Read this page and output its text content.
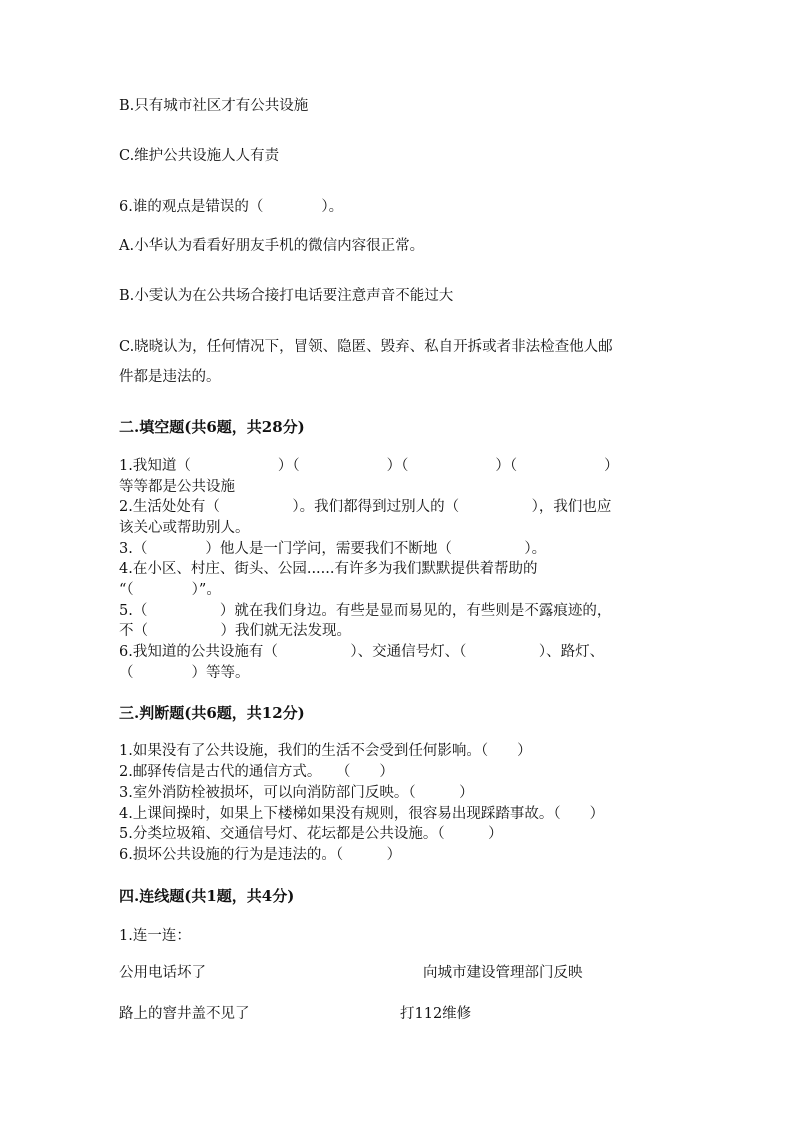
B.只有城市社区才有公共设施
C.维护公共设施人人有责
6.谁的观点是错误的（　　　　）。
A.小华认为看看好朋友手机的微信内容很正常。
B.小雯认为在公共场合接打电话要注意声音不能过大
C.晓晓认为，任何情况下，冒领、隐匿、毁弃、私自开拆或者非法检查他人邮
件都是违法的。
二.填空题(共6题，共28分)
1.我知道（　　　　　　）（　　　　　　）（　　　　　　）（　　　　　　）
等等都是公共设施
2.生活处处有（　　　　　）。我们都得到过别人的（　　　　　），我们也应
该关心或帮助别人。
3.（　　　　）他人是一门学问，需要我们不断地（　　　　　）。
4.在小区、村庄、街头、公园......有许多为我们默默提供着帮助的
“（　　　　）”。
5.（　　　　　）就在我们身边。有些是显而易见的，有些则是不露痕迹的，
不（　　　　　）我们就无法发现。
6.我知道的公共设施有（　　　　　）、交通信号灯、（　　　　　）、路灯、
（　　　　）等等。
三.判断题(共6题，共12分)
1.如果没有了公共设施，我们的生活不会受到任何影响。（　　）
2.邮驿传信是古代的通信方式。　　（　　）
3.室外消防栓被损坏，可以向消防部门反映。（　　　）
4.上课间操时，如果上下楼梯如果没有规则，很容易出现踩踏事故。（　　）
5.分类垃圾箱、交通信号灯、花坛都是公共设施。（　　　）
6.损坏公共设施的行为是违法的。（　　　）
四.连线题(共1题，共4分)
1.连一连：
公用电话坏了	向城市建设管理部门反映
路上的窨井盖不见了	打112维修
